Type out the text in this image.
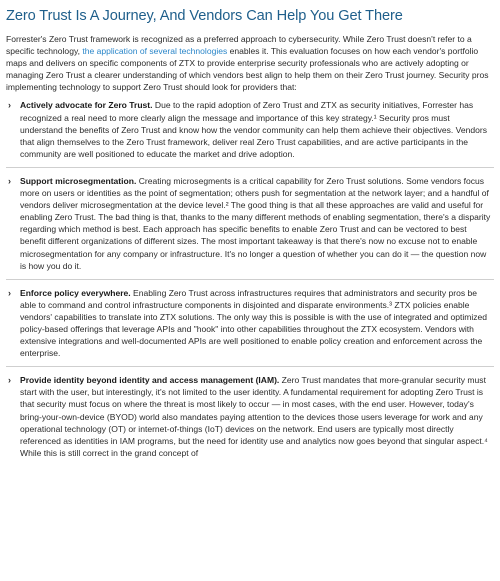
Zero Trust Is A Journey, And Vendors Can Help You Get There

Forrester's Zero Trust framework is recognized as a preferred approach to cybersecurity. While Zero Trust doesn't refer to a specific technology, the application of several technologies enables it. This evaluation focuses on how each vendor's portfolio maps and delivers on specific components of ZTX to provide enterprise security professionals who are actively adopting or managing Zero Trust a clearer understanding of which vendors best align to help them on their Zero Trust journey. Security pros implementing technology to support Zero Trust should look for providers that:

› Actively advocate for Zero Trust. Due to the rapid adoption of Zero Trust and ZTX as security initiatives, Forrester has recognized a real need to more clearly align the message and importance of this key strategy.¹ Security pros must understand the benefits of Zero Trust and know how the vendor community can help them achieve their objectives. Vendors that align themselves to the Zero Trust framework, deliver real Zero Trust capabilities, and are active participants in the community are well positioned to educate the market and drive adoption.
› Support microsegmentation. Creating microsegments is a critical capability for Zero Trust solutions. Some vendors focus more on users or identities as the point of segmentation; others push for segmentation at the network layer; and a handful of vendors deliver microsegmentation at the device level.² The good thing is that all these approaches are valid and useful for enabling Zero Trust. The bad thing is that, thanks to the many different methods of enabling segmentation, there's a disparity regarding which method is best. Each approach has specific benefits to enable Zero Trust and can be vectored to best benefit different organizations of different sizes. The most important takeaway is that there's now no excuse not to enable microsegmentation for any company or infrastructure. It's no longer a question of whether you can do it — the question now is how you do it.
› Enforce policy everywhere. Enabling Zero Trust across infrastructures requires that administrators and security pros be able to command and control infrastructure components in disjointed and disparate environments.³ ZTX policies enable vendors' capabilities to translate into ZTX solutions. The only way this is possible is with the use of integrated and optimized policy-based offerings that leverage APIs and "hook" into other capabilities throughout the ZTX ecosystem. Vendors with extensive integrations and well-documented APIs are well positioned to enable policy creation and enforcement across the enterprise.
› Provide identity beyond identity and access management (IAM). Zero Trust mandates that more-granular security must start with the user, but interestingly, it's not limited to the user identity. A fundamental requirement for adopting Zero Trust is that security must focus on where the threat is most likely to occur — in most cases, with the end user. However, today's bring-your-own-device (BYOD) world also mandates paying attention to the devices those users leverage for work and any operational technology (OT) or internet-of-things (IoT) devices on the network. End users are typically most directly referenced as identities in IAM programs, but the need for identity use and analytics now goes beyond that singular aspect.⁴ While this is still correct in the grand concept of
